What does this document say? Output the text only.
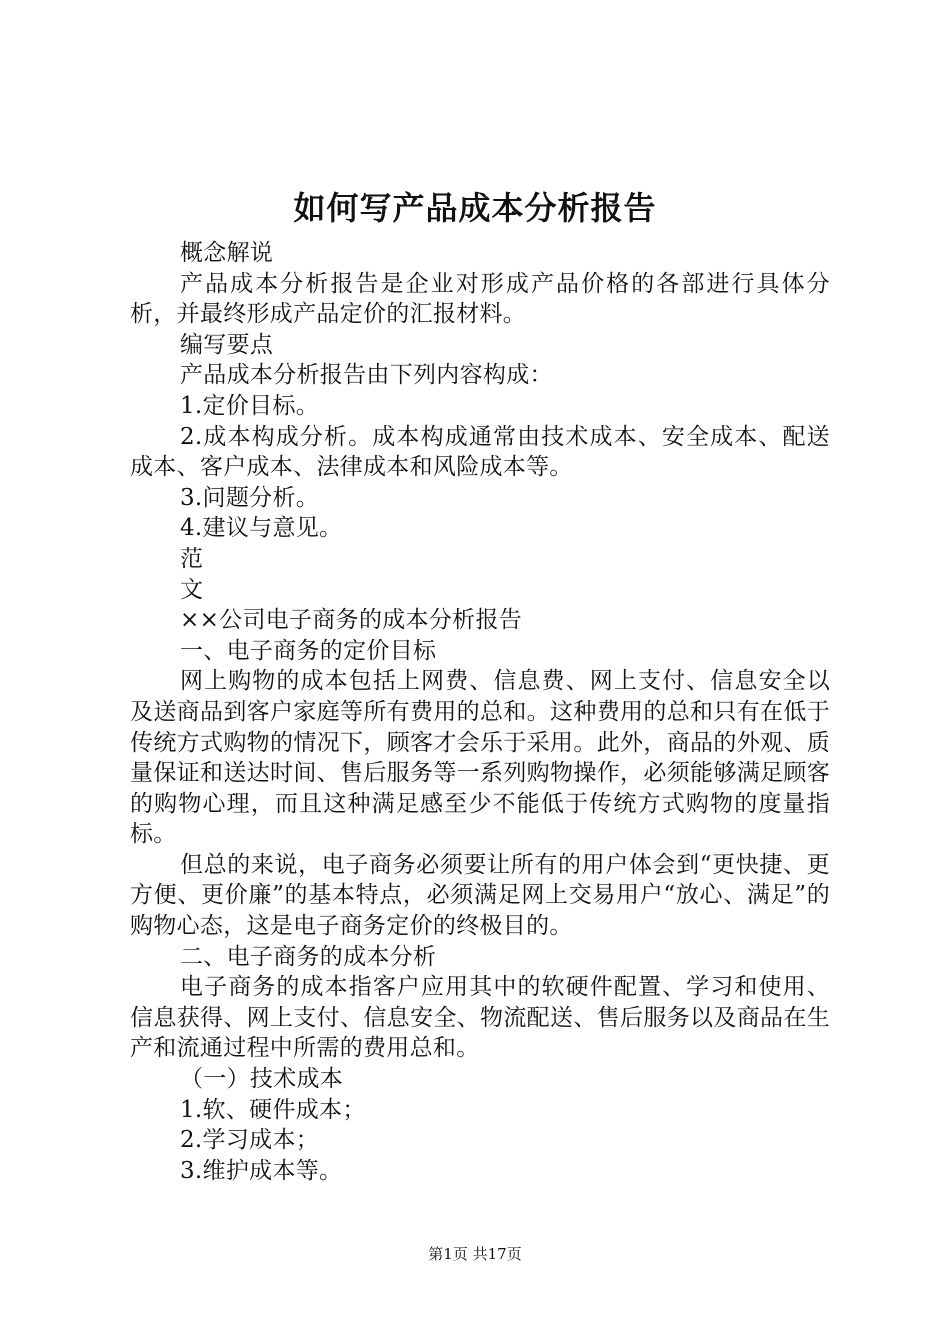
如何写产品成本分析报告

概念解说

产品成本分析报告是企业对形成产品价格的各部进行具体分析，并最终形成产品定价的汇报材料。

编写要点

产品成本分析报告由下列内容构成：

1.定价目标。

2.成本构成分析。成本构成通常由技术成本、安全成本、配送成本、客户成本、法律成本和风险成本等。

3.问题分析。

4.建议与意见。

范

文

××公司电子商务的成本分析报告

一、电子商务的定价目标

网上购物的成本包括上网费、信息费、网上支付、信息安全以及送商品到客户家庭等所有费用的总和。这种费用的总和只有在低于传统方式购物的情况下，顾客才会乐于采用。此外，商品的外观、质量保证和送达时间、售后服务等一系列购物操作，必须能够满足顾客的购物心理，而且这种满足感至少不能低于传统方式购物的度量指标。

但总的来说，电子商务必须要让所有的用户体会到“更快捷、更方便、更价廉”的基本特点，必须满足网上交易用户“放心、满足”的购物心态，这是电子商务定价的终极目的。

二、电子商务的成本分析

电子商务的成本指客户应用其中的软硬件配置、学习和使用、信息获得、网上支付、信息安全、物流配送、售后服务以及商品在生产和流通过程中所需的费用总和。

（一）技术成本

1.软、硬件成本；

2.学习成本；

3.维护成本等。

第1页 共17页
